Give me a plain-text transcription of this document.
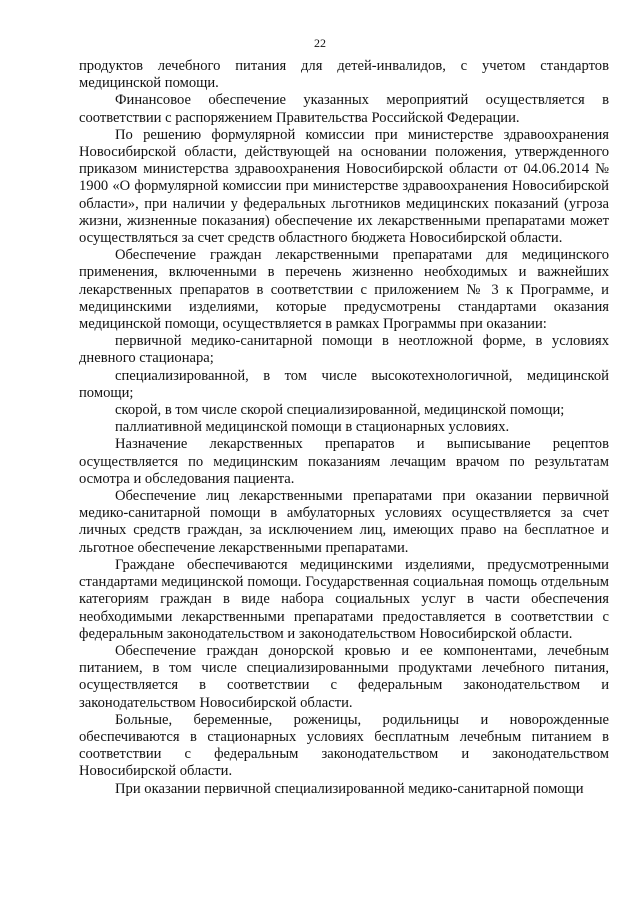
22

продуктов лечебного питания для детей-инвалидов, с учетом стандартов медицинской помощи.

Финансовое обеспечение указанных мероприятий осуществляется в соответствии с распоряжением Правительства Российской Федерации.

По решению формулярной комиссии при министерстве здравоохранения Новосибирской области, действующей на основании положения, утвержденного приказом министерства здравоохранения Новосибирской области от 04.06.2014 № 1900 «О формулярной комиссии при министерстве здравоохранения Новосибирской области», при наличии у федеральных льготников медицинских показаний (угроза жизни, жизненные показания) обеспечение их лекарственными препаратами может осуществляться за счет средств областного бюджета Новосибирской области.

Обеспечение граждан лекарственными препаратами для медицинского применения, включенными в перечень жизненно необходимых и важнейших лекарственных препаратов в соответствии с приложением № 3 к Программе, и медицинскими изделиями, которые предусмотрены стандартами оказания медицинской помощи, осуществляется в рамках Программы при оказании:

первичной медико-санитарной помощи в неотложной форме, в условиях дневного стационара;

специализированной, в том числе высокотехнологичной, медицинской помощи;

скорой, в том числе скорой специализированной, медицинской помощи;

паллиативной медицинской помощи в стационарных условиях.

Назначение лекарственных препаратов и выписывание рецептов осуществляется по медицинским показаниям лечащим врачом по результатам осмотра и обследования пациента.

Обеспечение лиц лекарственными препаратами при оказании первичной медико-санитарной помощи в амбулаторных условиях осуществляется за счет личных средств граждан, за исключением лиц, имеющих право на бесплатное и льготное обеспечение лекарственными препаратами.

Граждане обеспечиваются медицинскими изделиями, предусмотренными стандартами медицинской помощи. Государственная социальная помощь отдельным категориям граждан в виде набора социальных услуг в части обеспечения необходимыми лекарственными препаратами предоставляется в соответствии с федеральным законодательством и законодательством Новосибирской области.

Обеспечение граждан донорской кровью и ее компонентами, лечебным питанием, в том числе специализированными продуктами лечебного питания, осуществляется в соответствии с федеральным законодательством и законодательством Новосибирской области.

Больные, беременные, роженицы, родильницы и новорожденные обеспечиваются в стационарных условиях бесплатным лечебным питанием в соответствии с федеральным законодательством и законодательством Новосибирской области.

При оказании первичной специализированной медико-санитарной помощи
